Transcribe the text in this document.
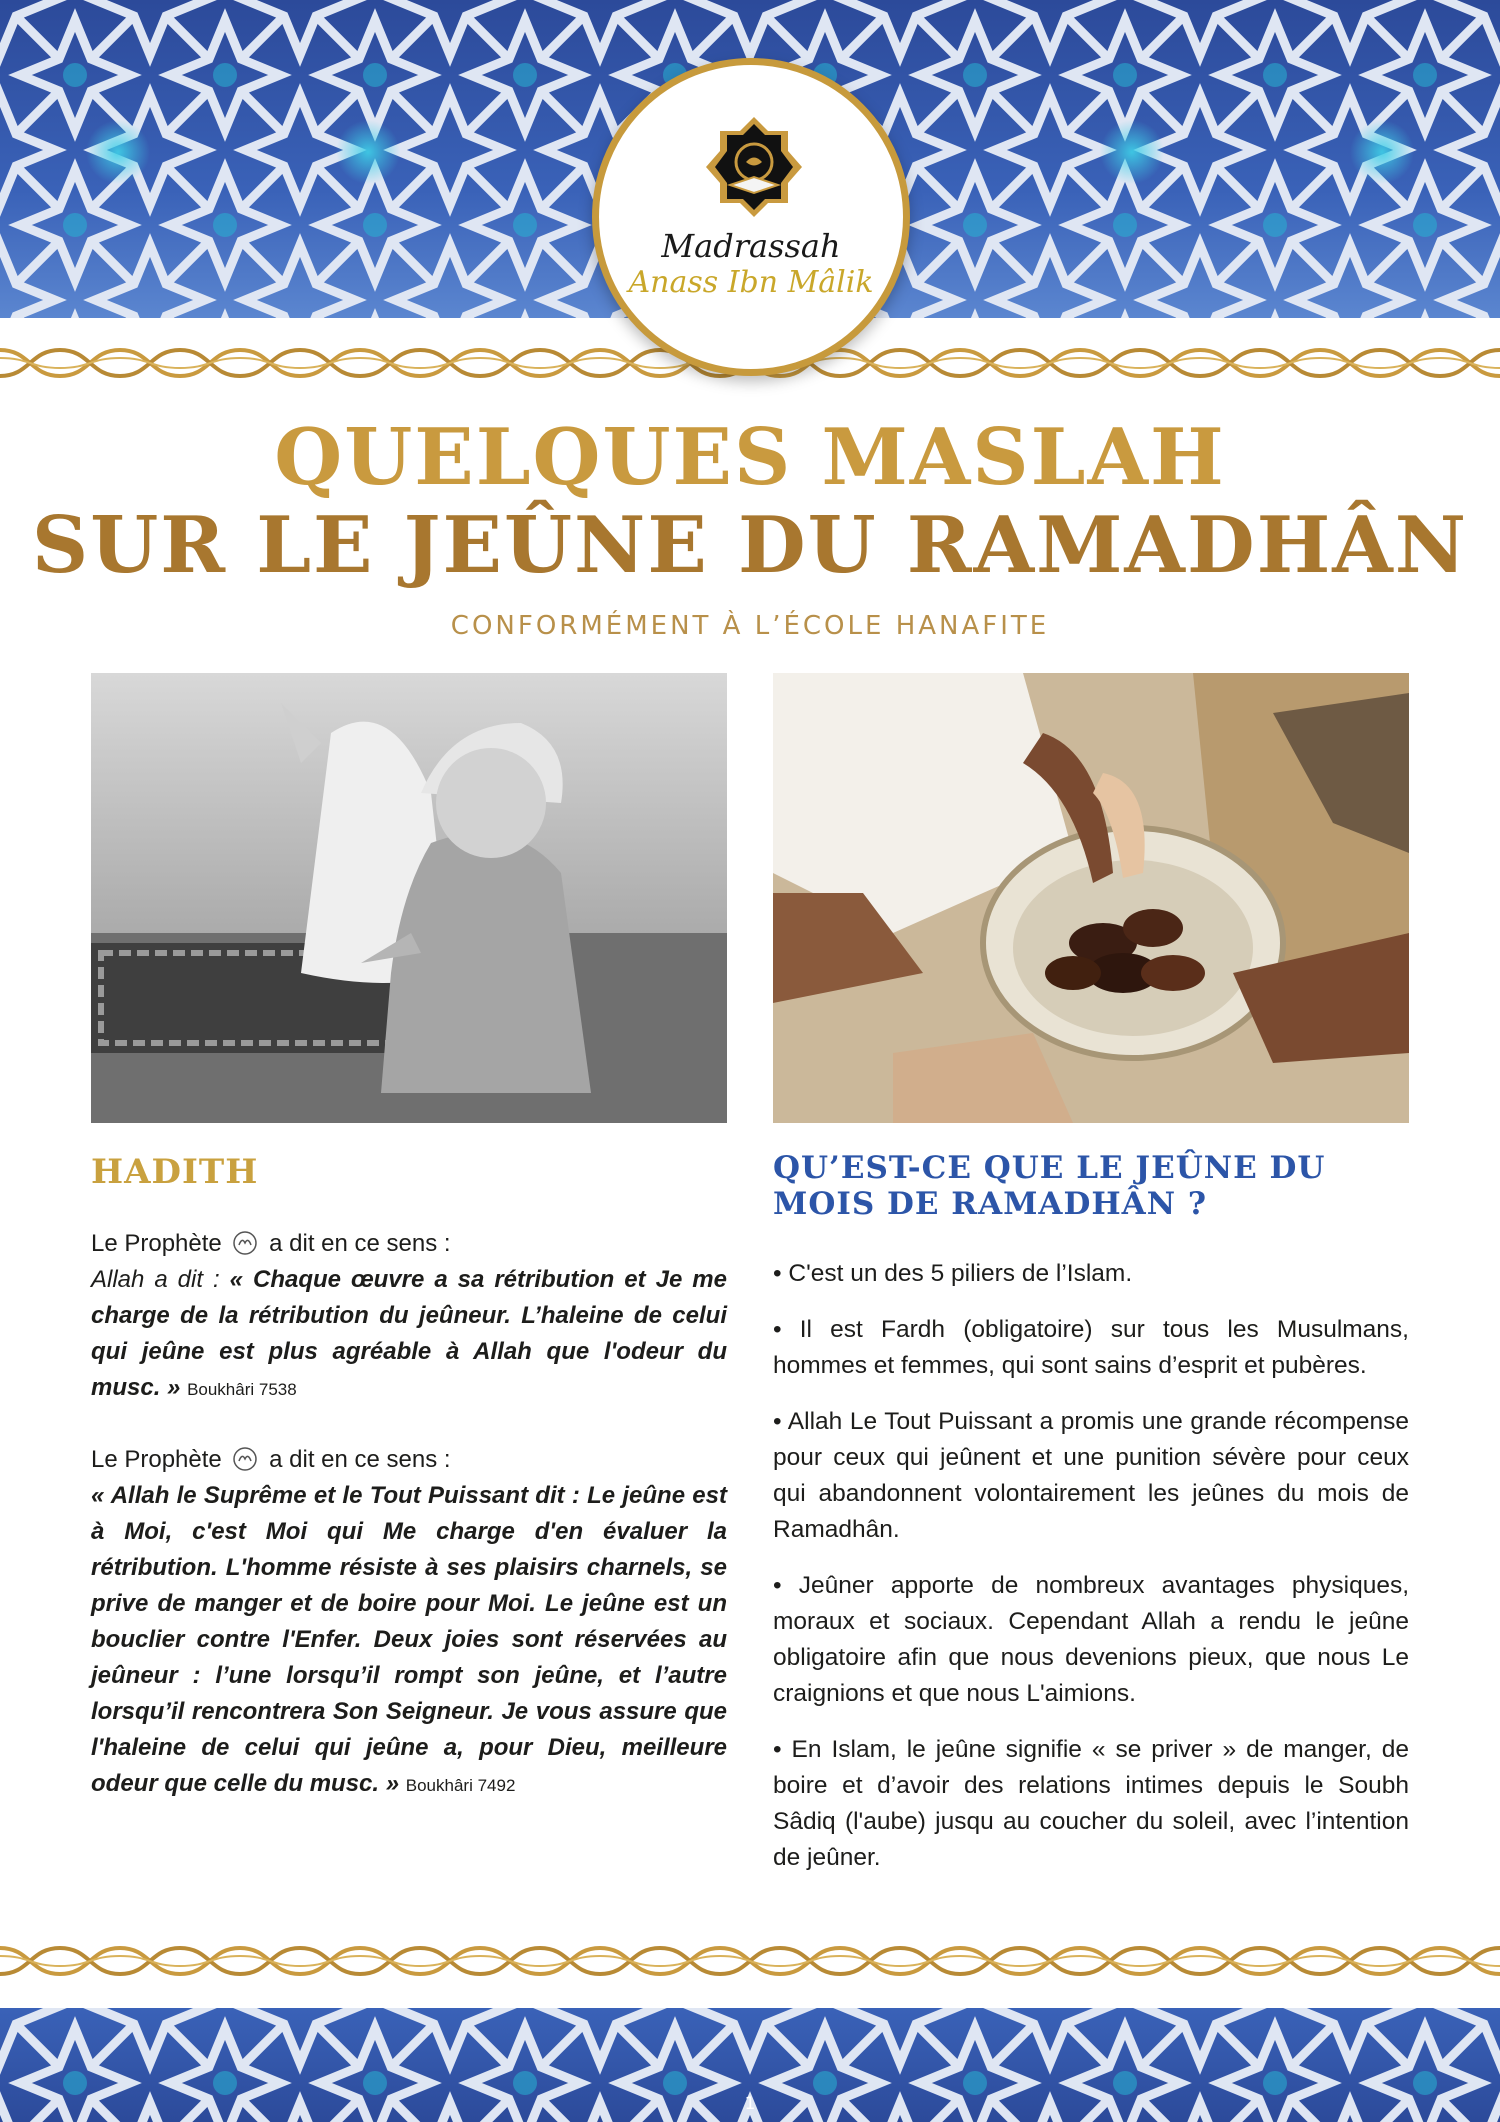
Madrassah
Anass Ibn Mâlik
QUELQUES MASLAH
SUR LE JEÛNE DU RAMADHÂN
CONFORMÉMENT À L’ÉCOLE HANAFITE
HADITH

Le Prophète a dit en ce sens :

Allah a dit : « Chaque œuvre a sa rétribution et Je me charge de la rétribution du jeûneur. L’haleine de celui qui jeûne est plus agréable à Allah que l'odeur du musc. » Boukhâri 7538

Le Prophète a dit en ce sens :

« Allah le Suprême et le Tout Puissant dit : Le jeûne est à Moi, c'est Moi qui Me charge d'en évaluer la rétribution. L'homme résiste à ses plaisirs charnels, se prive de manger et de boire pour Moi. Le jeûne est un bouclier contre l'Enfer. Deux joies sont réservées au jeûneur : l’une lorsqu’il rompt son jeûne, et l’autre lorsqu’il rencontrera Son Seigneur. Je vous assure que l'haleine de celui qui jeûne a, pour Dieu, meilleure odeur que celle du musc. » Boukhâri 7492

QU’EST-CE QUE LE JEÛNE DU MOIS DE RAMADHÂN ?

• C'est un des 5 piliers de l’Islam.

• Il est Fardh (obligatoire) sur tous les Musulmans, hommes et femmes, qui sont sains d’esprit et pubères.

• Allah Le Tout Puissant a promis une grande récompense pour ceux qui jeûnent et une punition sévère pour ceux qui abandonnent volontairement les jeûnes du mois de Ramadhân.

• Jeûner apporte de nombreux avantages physiques, moraux et sociaux. Cependant Allah a rendu le jeûne obligatoire afin que nous devenions pieux, que nous Le craignions et que nous L'aimions.

• En Islam, le jeûne signifie « se priver » de manger, de boire et d’avoir des relations intimes depuis le Soubh Sâdiq (l'aube) jusqu au coucher du soleil, avec l’intention de jeûner.

1
